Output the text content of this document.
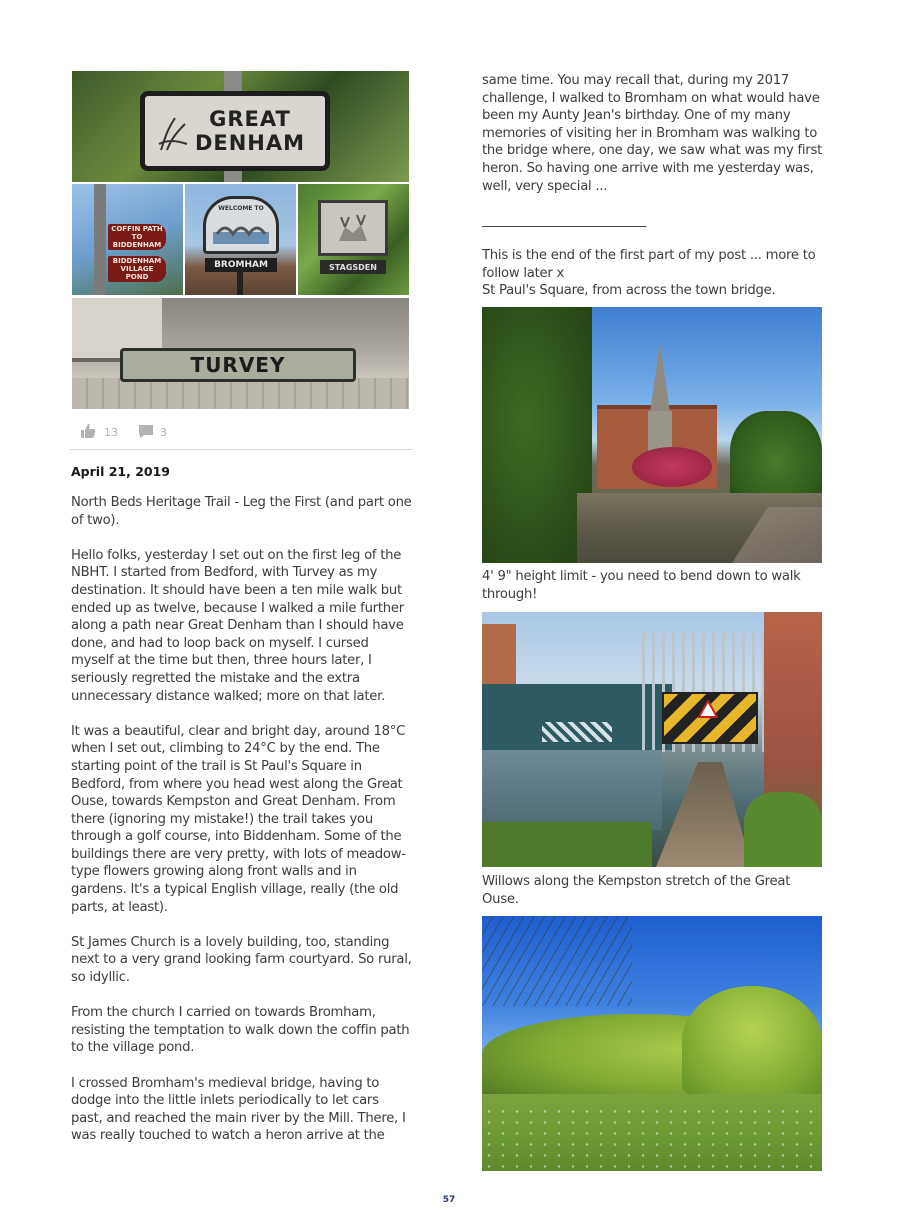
GREAT
DENHAM
COFFIN PATH TO BIDDENHAM
BIDDENHAM VILLAGE POND
WELCOME TO
BROMHAM	STAGSDEN
TURVEY
13	3
April 21, 2019

North Beds Heritage Trail - Leg the First (and part one of two).

Hello folks, yesterday I set out on the first leg of the NBHT. I started from Bedford, with Turvey as my destination. It should have been a ten mile walk but ended up as twelve, because I walked a mile further along a path near Great Denham than I should have done, and had to loop back on myself. I cursed myself at the time but then, three hours later, I seriously regretted the mistake and the extra unnecessary distance walked; more on that later.

It was a beautiful, clear and bright day, around 18°C when I set out, climbing to 24°C by the end. The starting point of the trail is St Paul's Square in Bedford, from where you head west along the Great Ouse, towards Kempston and Great Denham. From there (ignoring my mistake!) the trail takes you through a golf course, into Biddenham. Some of the buildings there are very pretty, with lots of meadow-type flowers growing along front walls and in gardens. It's a typical English village, really (the old parts, at least).

St James Church is a lovely building, too, standing next to a very grand looking farm courtyard. So rural, so idyllic.

From the church I carried on towards Bromham, resisting the temptation to walk down the coffin path to the village pond.

I crossed Bromham's medieval bridge, having to dodge into the little inlets periodically to let cars past, and reached the main river by the Mill. There, I was really touched to watch a heron arrive at the

same time. You may recall that, during my 2017 challenge, I walked to Bromham on what would have been my Aunty Jean's birthday. One of my many memories of visiting her in Bromham was walking to the bridge where, one day, we saw what was my first heron. So having one arrive with me yesterday was, well, very special ...

________________________________
This is the end of the first part of my post ... more to follow later x
St Paul's Square, from across the town bridge.
4' 9" height limit - you need to bend down to walk through!
Willows along the Kempston stretch of the Great Ouse.
57
